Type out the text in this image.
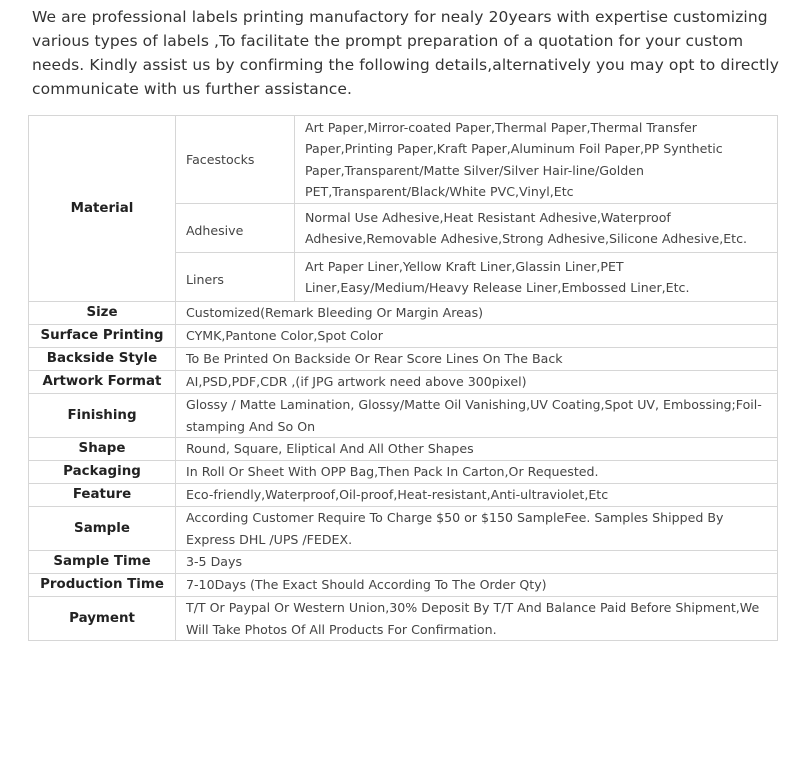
We are professional labels printing manufactory for nealy 20years with expertise customizing various types of labels ,To facilitate the prompt preparation of a quotation for your custom needs. Kindly assist us by confirming the following details,alternatively you may opt to directly communicate with us further assistance.

Material	Facestocks	Art Paper,Mirror-coated Paper,Thermal Paper,Thermal Transfer Paper,Printing Paper,Kraft Paper,Aluminum Foil Paper,PP Synthetic Paper,Transparent/Matte Silver/Silver Hair-line/Golden PET,Transparent/Black/White PVC,Vinyl,Etc
	Adhesive	Normal Use Adhesive,Heat Resistant Adhesive,Waterproof Adhesive,Removable Adhesive,Strong Adhesive,Silicone Adhesive,Etc.
	Liners	Art Paper Liner,Yellow Kraft Liner,Glassin Liner,PET Liner,Easy/Medium/Heavy Release Liner,Embossed Liner,Etc.
Size	Customized(Remark Bleeding Or Margin Areas)	
Surface Printing	CYMK,Pantone Color,Spot Color	
Backside Style	To Be Printed On Backside Or Rear Score Lines On The Back	
Artwork Format	AI,PSD,PDF,CDR ,(if JPG artwork need above 300pixel)	
Finishing	Glossy / Matte Lamination, Glossy/Matte Oil Vanishing,UV Coating,Spot UV, Embossing;Foil-stamping And So On	
Shape	Round, Square, Eliptical And All Other Shapes	
Packaging	In Roll Or Sheet With OPP Bag,Then Pack In Carton,Or Requested.	
Feature	Eco-friendly,Waterproof,Oil-proof,Heat-resistant,Anti-ultraviolet,Etc	
Sample	According Customer Require To Charge $50 or $150 SampleFee. Samples Shipped By Express DHL /UPS /FEDEX.	
Sample Time	3-5 Days	
Production Time	7-10Days (The Exact Should According To The Order Qty)	
Payment	T/T Or Paypal Or Western Union,30% Deposit By T/T And Balance Paid Before Shipment,We Will Take Photos Of All Products For Confirmation.	
